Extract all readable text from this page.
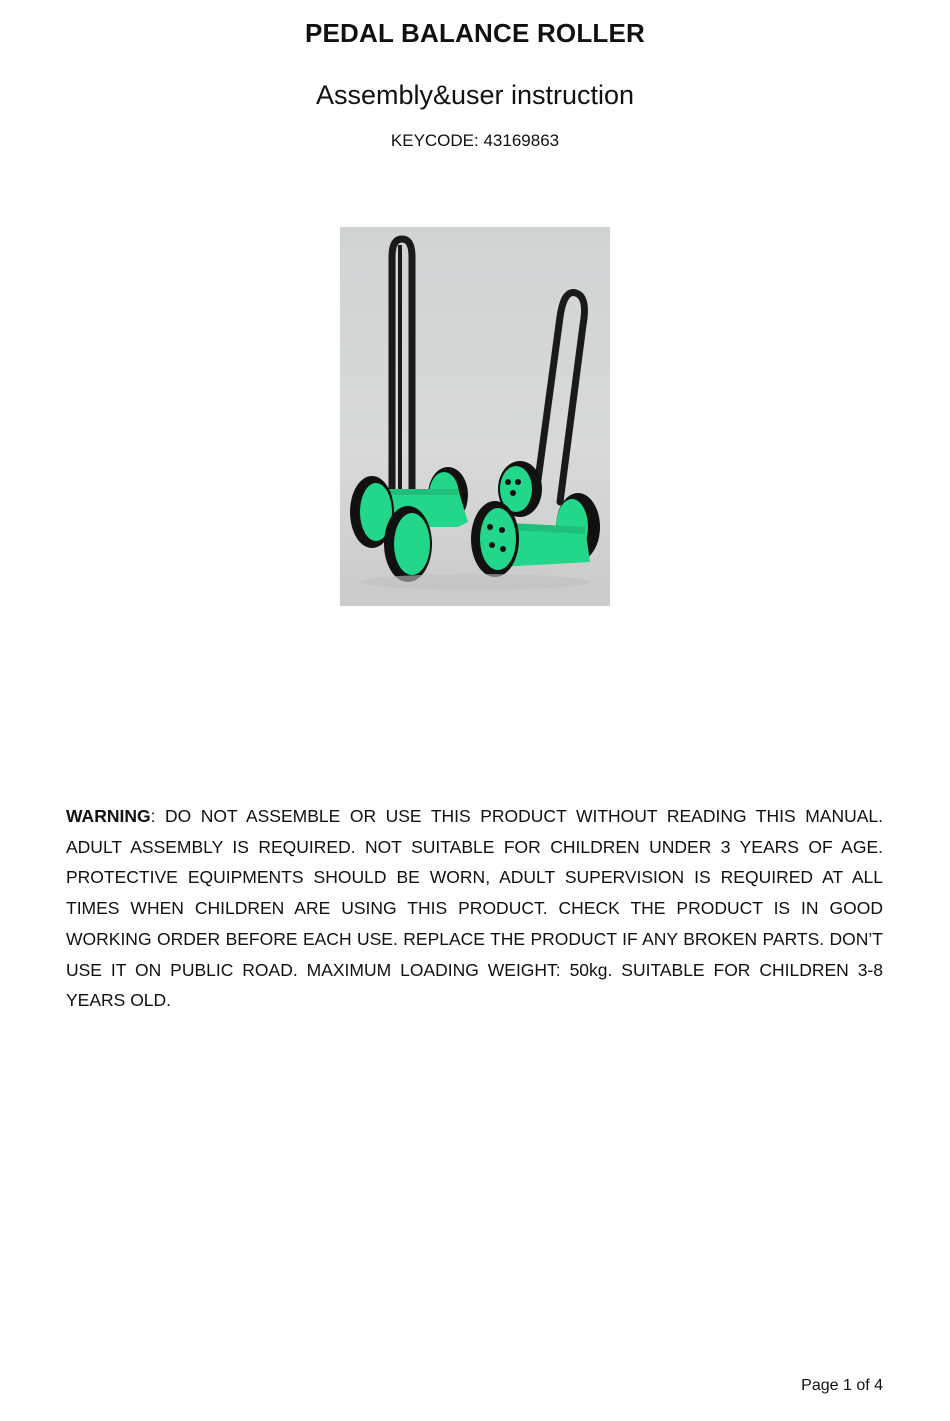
PEDAL BALANCE ROLLER
Assembly&user instruction
KEYCODE: 43169863
WARNING: DO NOT ASSEMBLE OR USE THIS PRODUCT WITHOUT READING THIS MANUAL. ADULT ASSEMBLY IS REQUIRED. NOT SUITABLE FOR CHILDREN UNDER 3 YEARS OF AGE. PROTECTIVE EQUIPMENTS SHOULD BE WORN, ADULT SUPERVISION IS REQUIRED AT ALL TIMES WHEN CHILDREN ARE USING THIS PRODUCT. CHECK THE PRODUCT IS IN GOOD WORKING ORDER BEFORE EACH USE. REPLACE THE PRODUCT IF ANY BROKEN PARTS. DON’T USE IT ON PUBLIC ROAD. MAXIMUM LOADING WEIGHT: 50kg. SUITABLE FOR CHILDREN 3-8 YEARS OLD.
Page 1 of 4
